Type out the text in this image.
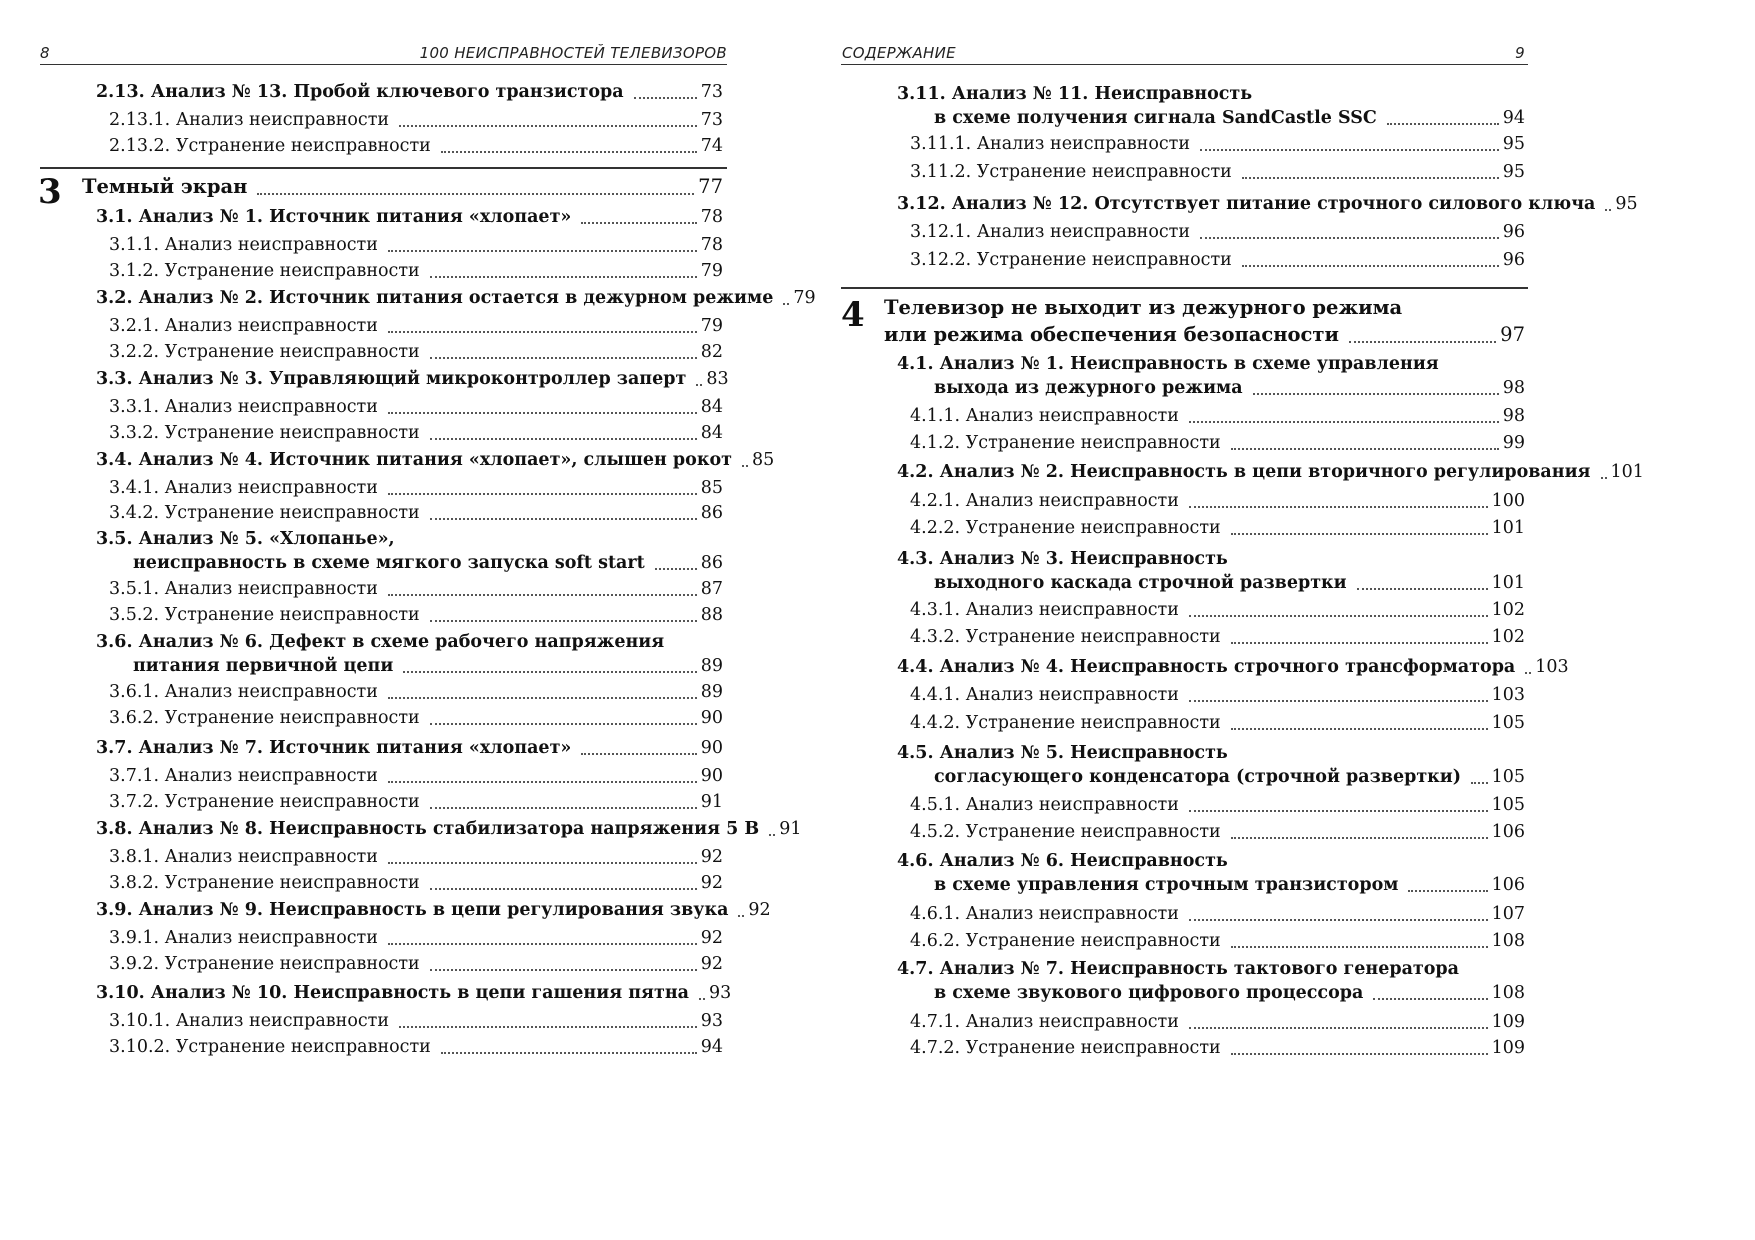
8	100 НЕИСПРАВНОСТЕЙ ТЕЛЕВИЗОРОВ
2.13. Анализ № 13. Пробой ключевого транзистора	73
2.13.1. Анализ неисправности	73
2.13.2. Устранение неисправности	74
3 Темный экран	77
3.1. Анализ № 1. Источник питания «хлопает»	78
3.1.1. Анализ неисправности	78
3.1.2. Устранение неисправности	79
3.2. Анализ № 2. Источник питания остается в дежурном режиме 79
3.2.1. Анализ неисправности	79
3.2.2. Устранение неисправности	82
3.3. Анализ № 3. Управляющий микроконтроллер заперт 83
3.3.1. Анализ неисправности	84
3.3.2. Устранение неисправности	84
3.4. Анализ № 4. Источник питания «хлопает», слышен рокот 85
3.4.1. Анализ неисправности	85
3.4.2. Устранение неисправности	86
3.5. Анализ № 5. «Хлопанье»,
неисправность в схеме мягкого запуска soft start	86
3.5.1. Анализ неисправности	87
3.5.2. Устранение неисправности	88
3.6. Анализ № 6. Дефект в схеме рабочего напряжения
питания первичной цепи	89
3.6.1. Анализ неисправности	89
3.6.2. Устранение неисправности	90
3.7. Анализ № 7. Источник питания «хлопает»	90
3.7.1. Анализ неисправности	90
3.7.2. Устранение неисправности	91
3.8. Анализ № 8. Неисправность стабилизатора напряжения 5 В 91
3.8.1. Анализ неисправности	92
3.8.2. Устранение неисправности	92
3.9. Анализ № 9. Неисправность в цепи регулирования звука 92
3.9.1. Анализ неисправности	92
3.9.2. Устранение неисправности	92
3.10. Анализ № 10. Неисправность в цепи гашения пятна 93
3.10.1. Анализ неисправности	93
3.10.2. Устранение неисправности	94
СОДЕРЖАНИЕ	9
3.11. Анализ № 11. Неисправность
в схеме получения сигнала SandCastle SSC	94
3.11.1. Анализ неисправности	95
3.11.2. Устранение неисправности	95
3.12. Анализ № 12. Отсутствует питание строчного силового ключа 95
3.12.1. Анализ неисправности	96
3.12.2. Устранение неисправности	96
4 Телевизор не выходит из дежурного режима
или режима обеспечения безопасности	97
4.1. Анализ № 1. Неисправность в схеме управления
выхода из дежурного режима	98
4.1.1. Анализ неисправности	98
4.1.2. Устранение неисправности	99
4.2. Анализ № 2. Неисправность в цепи вторичного регулирования 101
4.2.1. Анализ неисправности	100
4.2.2. Устранение неисправности	101
4.3. Анализ № 3. Неисправность
выходного каскада строчной развертки	101
4.3.1. Анализ неисправности	102
4.3.2. Устранение неисправности	102
4.4. Анализ № 4. Неисправность строчного трансформатора 103
4.4.1. Анализ неисправности	103
4.4.2. Устранение неисправности	105
4.5. Анализ № 5. Неисправность
согласующего конденсатора (строчной развертки) 105
4.5.1. Анализ неисправности	105
4.5.2. Устранение неисправности	106
4.6. Анализ № 6. Неисправность
в схеме управления строчным транзистором	106
4.6.1. Анализ неисправности	107
4.6.2. Устранение неисправности	108
4.7. Анализ № 7. Неисправность тактового генератора
в схеме звукового цифрового процессора	108
4.7.1. Анализ неисправности	109
4.7.2. Устранение неисправности	109
